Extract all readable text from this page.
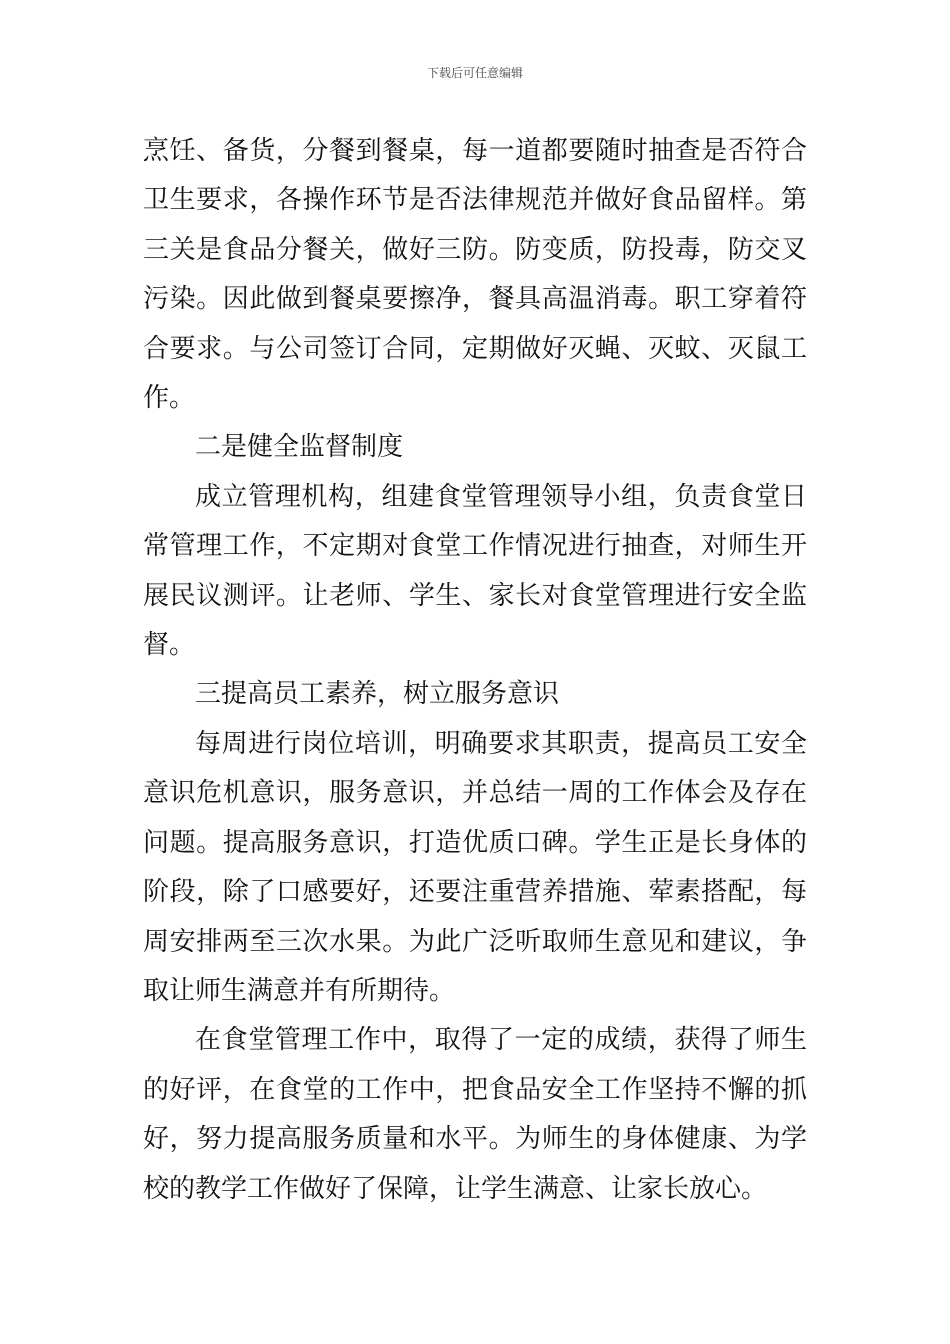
下载后可任意编辑

烹饪、备货，分餐到餐桌，每一道都要随时抽查是否符合卫生要求，各操作环节是否法律规范并做好食品留样。第三关是食品分餐关，做好三防。防变质，防投毒，防交叉污染。因此做到餐桌要擦净，餐具高温消毒。职工穿着符合要求。与公司签订合同，定期做好灭蝇、灭蚊、灭鼠工作。

二是健全监督制度

成立管理机构，组建食堂管理领导小组，负责食堂日常管理工作，不定期对食堂工作情况进行抽查，对师生开展民议测评。让老师、学生、家长对食堂管理进行安全监督。

三提高员工素养，树立服务意识

每周进行岗位培训，明确要求其职责，提高员工安全意识危机意识，服务意识，并总结一周的工作体会及存在问题。提高服务意识，打造优质口碑。学生正是长身体的阶段，除了口感要好，还要注重营养措施、荤素搭配，每周安排两至三次水果。为此广泛听取师生意见和建议，争取让师生满意并有所期待。

在食堂管理工作中，取得了一定的成绩，获得了师生的好评，在食堂的工作中，把食品安全工作坚持不懈的抓好，努力提高服务质量和水平。为师生的身体健康、为学校的教学工作做好了保障，让学生满意、让家长放心。
